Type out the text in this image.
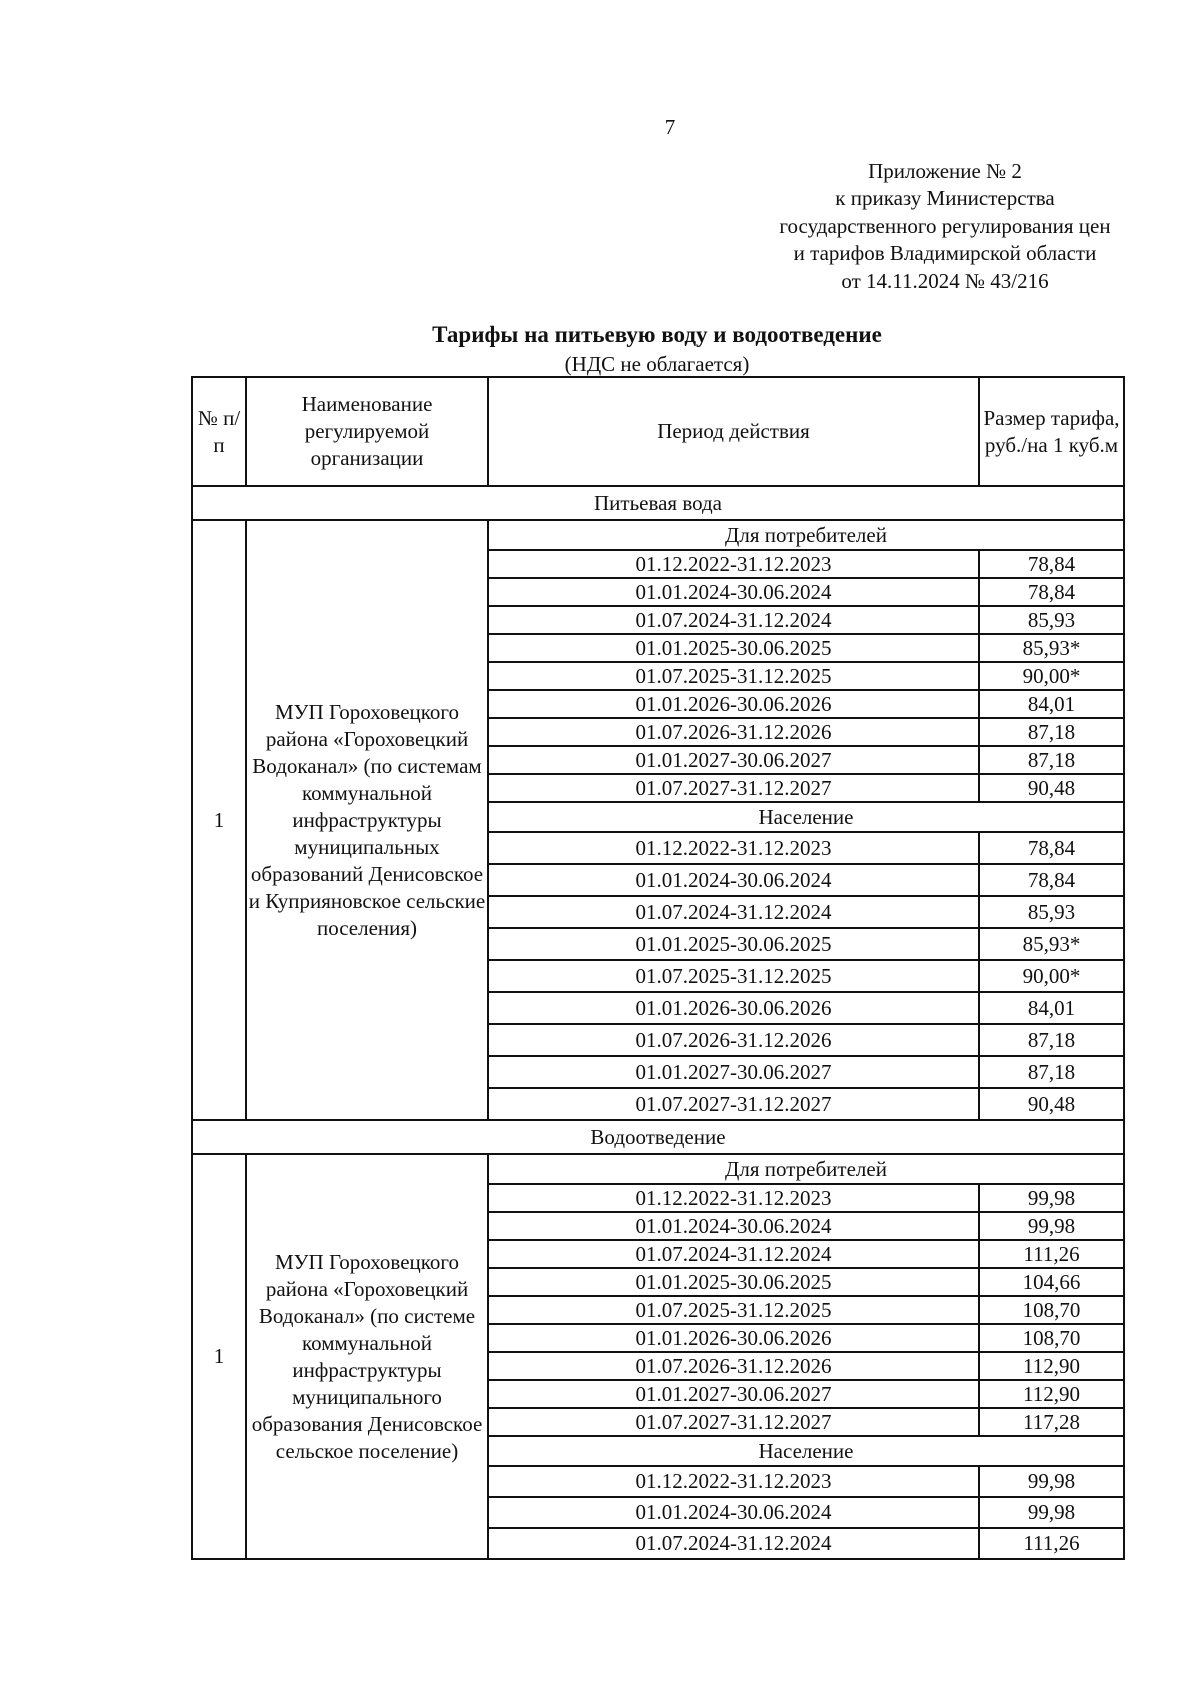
7
Приложение № 2
к приказу Министерства
государственного регулирования цен
и тарифов Владимирской области
от 14.11.2024 № 43/216
Тарифы на питьевую воду и водоотведение
(НДС не облагается)
№ п/п	Наименование регулируемой организации	Период действия	Размер тарифа, руб./на 1 куб.м
Питьевая вода			
1	МУП Гороховецкого района «Гороховецкий Водоканал» (по системам коммунальной инфраструктуры муниципальных образований Денисовское и Куприяновское сельские поселения)	Для потребителей	
		01.12.2022-31.12.2023	78,84
		01.01.2024-30.06.2024	78,84
		01.07.2024-31.12.2024	85,93
		01.01.2025-30.06.2025	85,93*
		01.07.2025-31.12.2025	90,00*
		01.01.2026-30.06.2026	84,01
		01.07.2026-31.12.2026	87,18
		01.01.2027-30.06.2027	87,18
		01.07.2027-31.12.2027	90,48
		Население	
		01.12.2022-31.12.2023	78,84
		01.01.2024-30.06.2024	78,84
		01.07.2024-31.12.2024	85,93
		01.01.2025-30.06.2025	85,93*
		01.07.2025-31.12.2025	90,00*
		01.01.2026-30.06.2026	84,01
		01.07.2026-31.12.2026	87,18
		01.01.2027-30.06.2027	87,18
		01.07.2027-31.12.2027	90,48
Водоотведение			
1	МУП Гороховецкого района «Гороховецкий Водоканал» (по системе коммунальной инфраструктуры муниципального образования Денисовское сельское поселение)	Для потребителей	
		01.12.2022-31.12.2023	99,98
		01.01.2024-30.06.2024	99,98
		01.07.2024-31.12.2024	111,26
		01.01.2025-30.06.2025	104,66
		01.07.2025-31.12.2025	108,70
		01.01.2026-30.06.2026	108,70
		01.07.2026-31.12.2026	112,90
		01.01.2027-30.06.2027	112,90
		01.07.2027-31.12.2027	117,28
		Население	
		01.12.2022-31.12.2023	99,98
		01.01.2024-30.06.2024	99,98
		01.07.2024-31.12.2024	111,26
